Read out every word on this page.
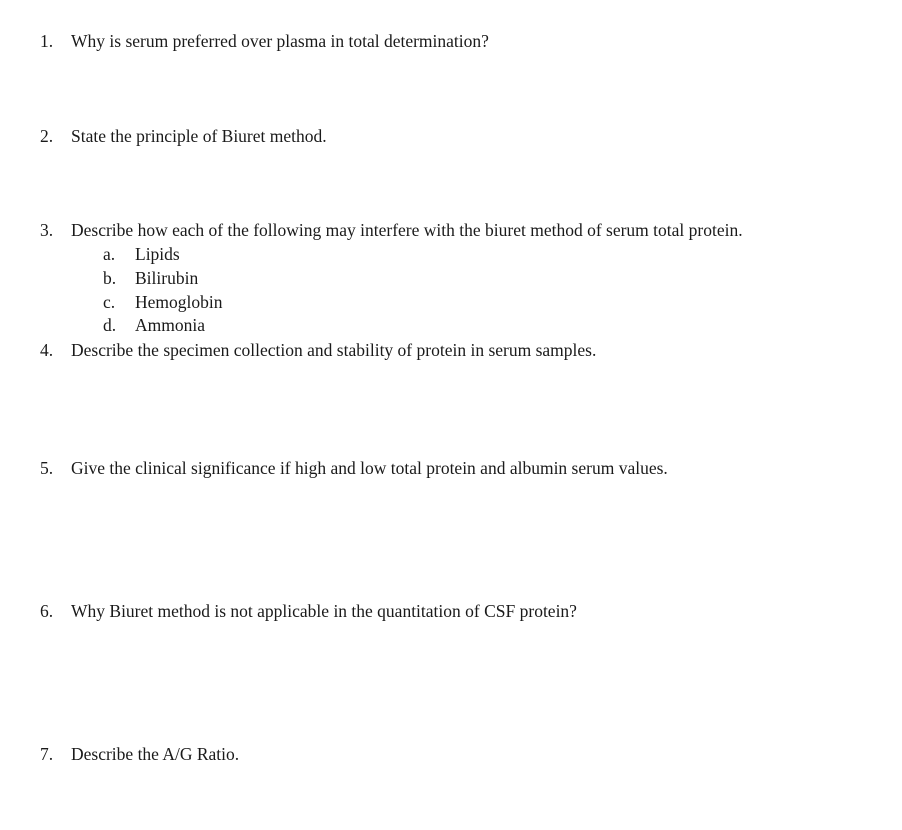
1. Why is serum preferred over plasma in total determination?
2. State the principle of Biuret method.
3. Describe how each of the following may interfere with the biuret method of serum total protein.
a. Lipids
b. Bilirubin
c. Hemoglobin
d. Ammonia
4. Describe the specimen collection and stability of protein in serum samples.
5. Give the clinical significance if high and low total protein and albumin serum values.
6. Why Biuret method is not applicable in the quantitation of CSF protein?
7. Describe the A/G Ratio.
